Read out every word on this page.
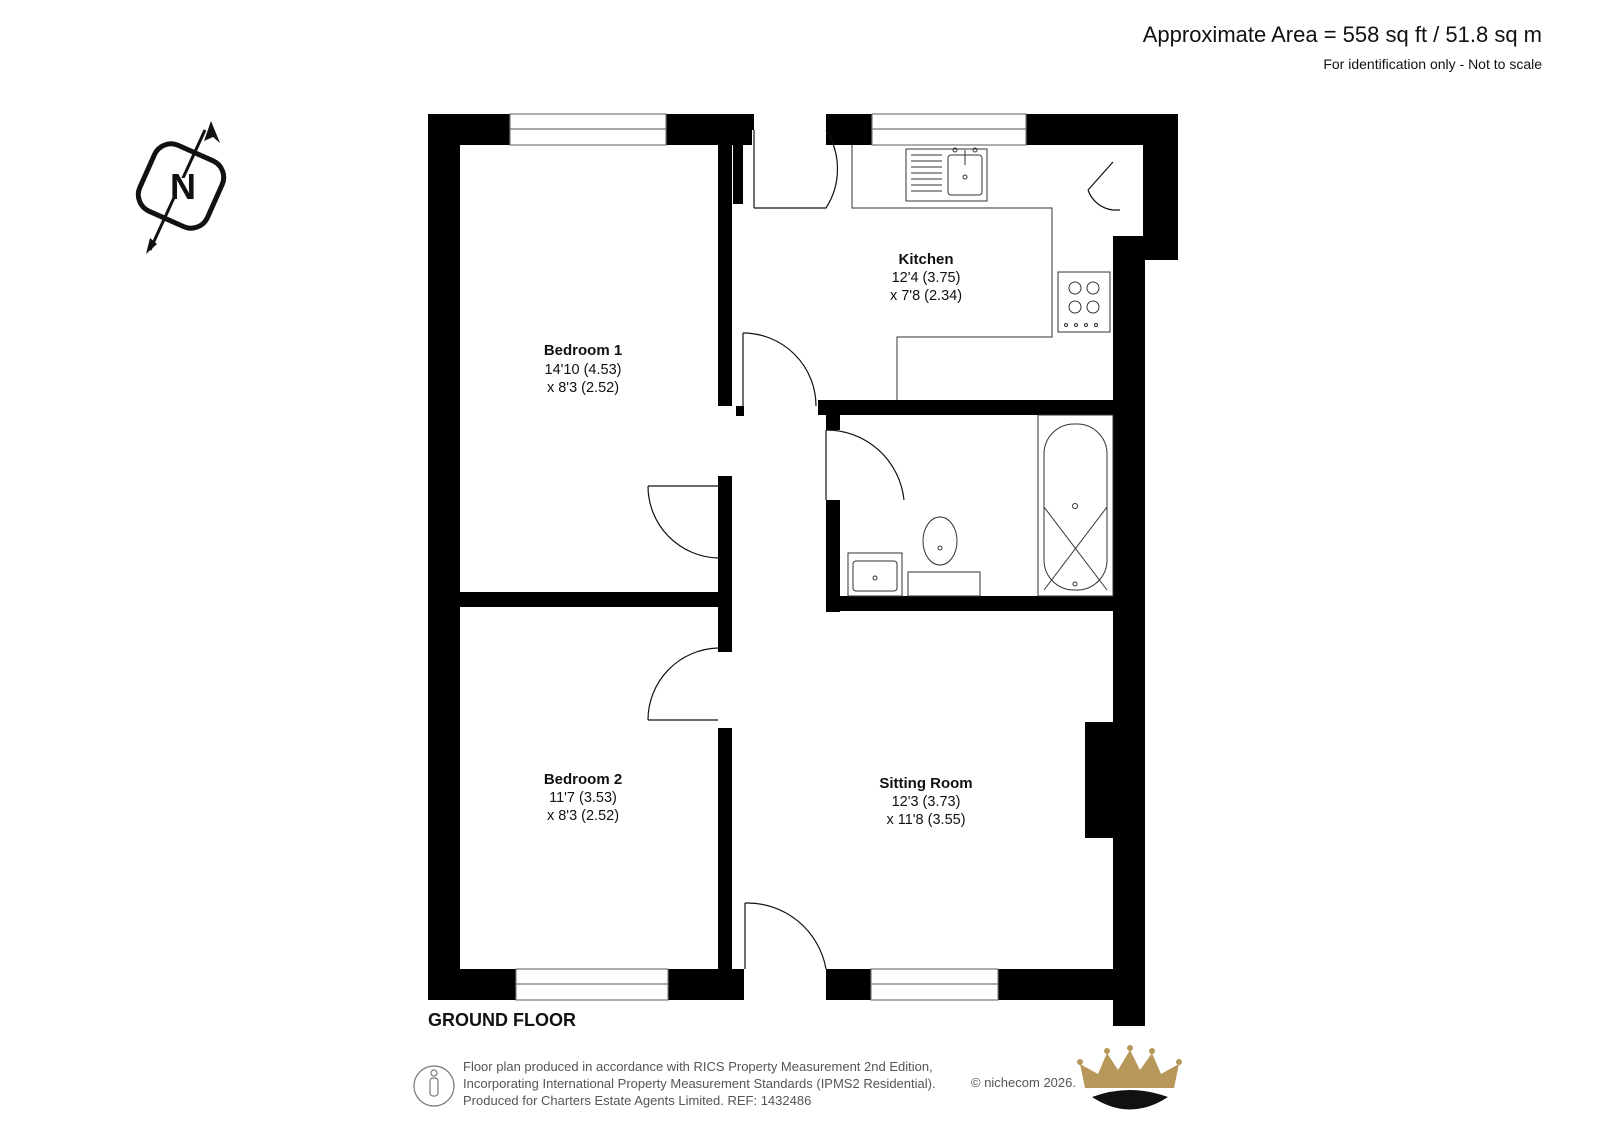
Approximate Area = 558 sq ft / 51.8 sq m
For identification only - Not to scale
N
Kitchen
12'4 (3.75)
x 7'8 (2.34)
Bedroom 1
14'10 (4.53)
x 8'3 (2.52)
Bedroom 2
11'7 (3.53)
x 8'3 (2.52)
Sitting Room
12'3 (3.73)
x 11'8 (3.55)
GROUND FLOOR
Floor plan produced in accordance with RICS Property Measurement 2nd Edition,
Incorporating International Property Measurement Standards (IPMS2 Residential).
Produced for Charters Estate Agents Limited. REF: 1432486
© nichecom 2026.
